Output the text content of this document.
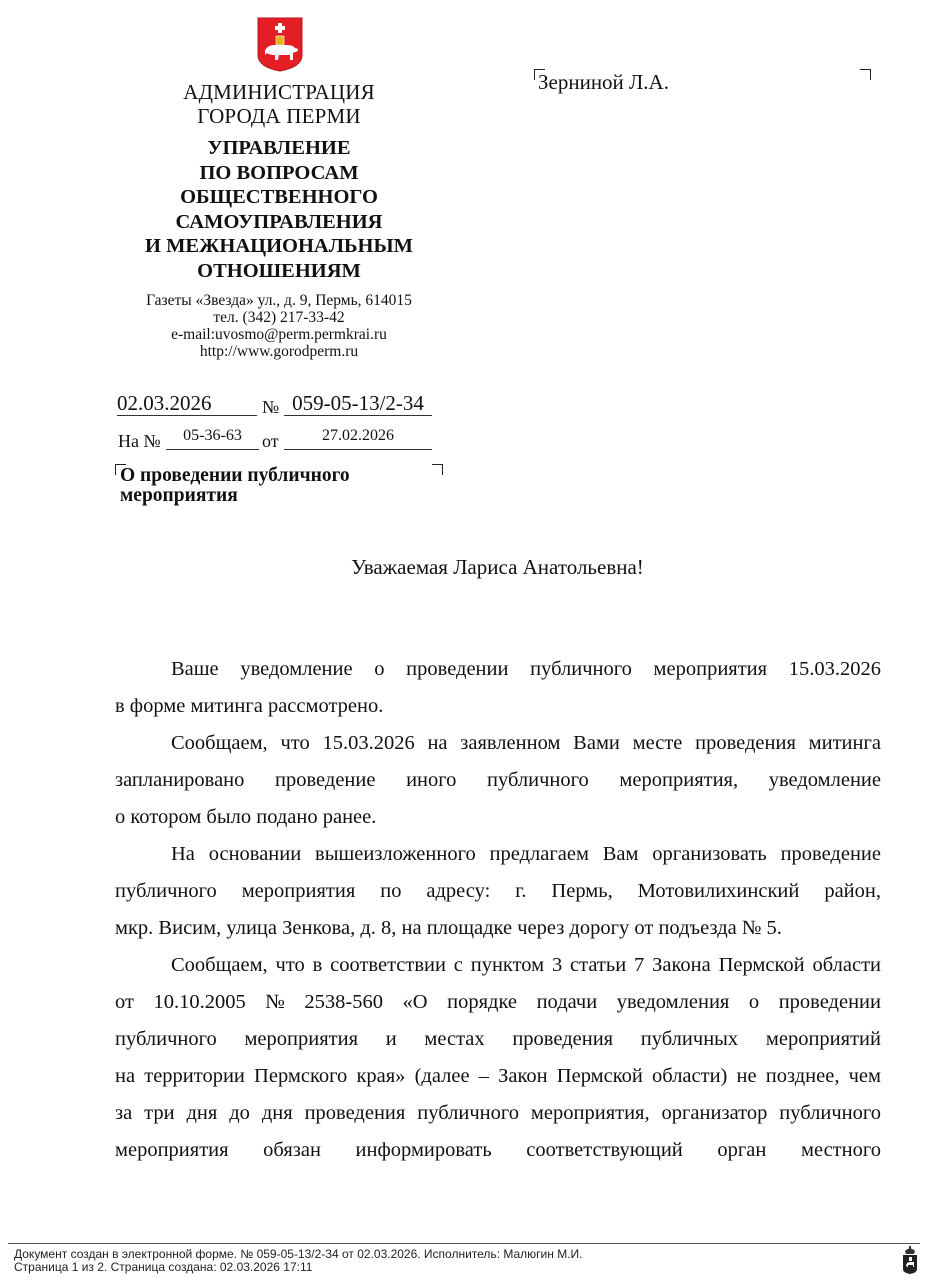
АДМИНИСТРАЦИЯ
ГОРОДА ПЕРМИ
УПРАВЛЕНИЕ
ПО ВОПРОСАМ
ОБЩЕСТВЕННОГО
САМОУПРАВЛЕНИЯ
И МЕЖНАЦИОНАЛЬНЫМ
ОТНОШЕНИЯМ
Газеты «Звезда» ул., д. 9, Пермь, 614015
тел. (342) 217-33-42
e-mail:uvosmo@perm.permkrai.ru
http://www.gorodperm.ru
Зерниной Л.А.
02.03.2026	№ 059-05-13/2-34
На №	05-36-63	от	27.02.2026
О проведении публичного
мероприятия
Уважаемая Лариса Анатольевна!
Ваше уведомление о проведении публичного мероприятия 15.03.2026
в форме митинга рассмотрено.
Сообщаем, что 15.03.2026 на заявленном Вами месте проведения митинга
запланировано проведение иного публичного мероприятия, уведомление
о котором было подано ранее.
На основании вышеизложенного предлагаем Вам организовать проведение
публичного мероприятия по адресу: г. Пермь, Мотовилихинский район,
мкр. Висим, улица Зенкова, д. 8, на площадке через дорогу от подъезда № 5.
Сообщаем, что в соответствии с пунктом 3 статьи 7 Закона Пермской области
от 10.10.2005 № 2538-560 «О порядке подачи уведомления о проведении
публичного мероприятия и местах проведения публичных мероприятий
на территории Пермского края» (далее – Закон Пермской области) не позднее, чем
за три дня до дня проведения публичного мероприятия, организатор публичного
мероприятия обязан информировать соответствующий орган местного
Документ создан в электронной форме. № 059-05-13/2-34 от 02.03.2026. Исполнитель: Малюгин М.И.
Страница 1 из 2. Страница создана: 02.03.2026 17:11
